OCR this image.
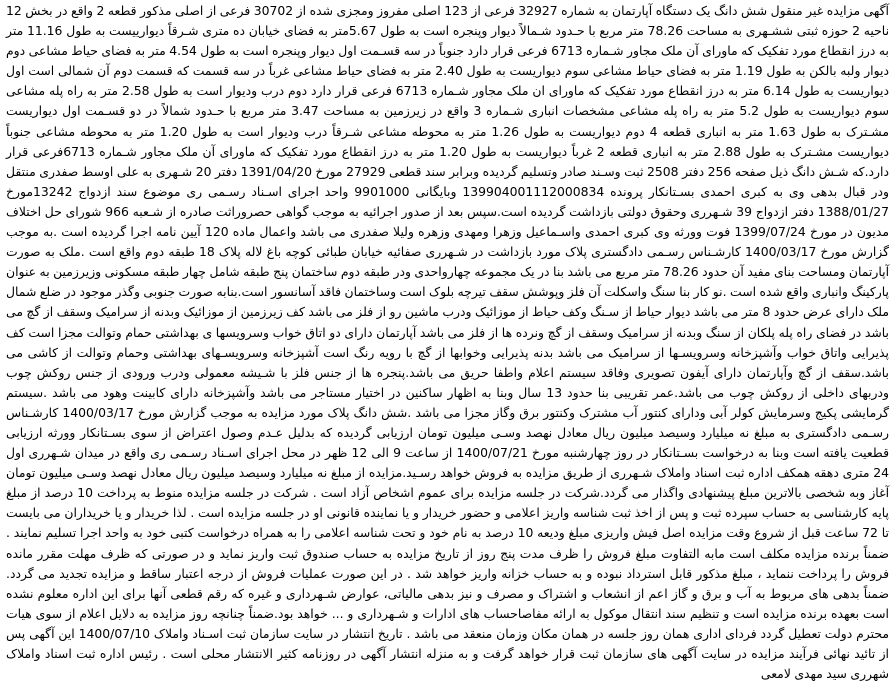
آگهی مزایده غیر منقول شش دانگ یک دستگاه آپارتمان به شماره 32927 فرعی از 123 اصلی مفروز ومجزی شده از 30702 فرعی از اصلی مذکور قطعه 2 واقع در بخش 12 ناحیه 2 حوزه ثبتی ششـهری به مساحت 78.26 متر مربع با حـدود شـمالاً دیوار وپنجره است به طول 5.67متر به فضای خیابان ده متری شـرقاً دیوارییست به طول 11.16 متر به درز انقطاع مورد تفکیک که ماورای آن ملک مجاور شـماره 6713 فرعی قرار دارد جنوباً در سه قسـمت اول دیوار وپنجره است به طول 4.54 متر به فضای حیاط مشاعی دوم دیوار ولبه بالکن به طول 1.19 متر به فضای حیاط مشاعی سوم دیواریست به طول 2.40 متر به فضای حیاط مشاعی غرباً در سه قسمت که قسمت دوم آن شمالی است اول دیواریست به طول 6.14 متر به درز انقطاع مورد تفکیک که ماورای ان ملک مجاور شـماره 6713 فرعی قرار دارد دوم درب ودیوار است به طول 2.58 متر به راه پله مشاعی سوم دیواریست به طول 5.2 متر به راه پله مشاعی مشخصات انباری شـماره 3 واقع در زیرزمین به مساحت 3.47 متر مربع با حـدود شمالاً در دو قسـمت اول دیواریست مشـترک به طول 1.63 متر به انباری قطعه 4 دوم دیواریست به طول 1.26 متر به محوطه مشاعی شـرقاً درب ودیوار است به طول 1.20 متر به محوطه مشاعی جنوباً دیواریست مشـترک به طول 2.88 متر به انباری قطعه 2 غرباً دیواریست به طول 1.20 متر به درز انقطاع مورد تفکیک که ماورای آن ملک مجاور شـماره 6713فرعی قرار دارد.که شـش دانگ ذیل صفحه 256 دفتر 2508 ثبت وسـند صادر وتسلیم گردیده وبرابر سند قطعی 27929 مورخ 1391/04/20 دفتر 20 شـهری به علی اوسط صفدری منتقل ودر قبال بدهی وی به کبری احمدی بسـتانکار پرونده 139904001112000834 وبایگانی 9901000 واحد اجرای اسـناد رسـمی ری موضوع سند ازدواج 13242مورخ 1388/01/27 دفتر ازدواج 39 شـهرری وحقوق دولتی بازداشت گردیده است.سپس بعد از صدور اجرائیه به موجب گواهی حصروراثت صادره از شـعبه 966 شورای حل اختلاف مدیون در مورخ 1399/07/24 فوت وورثه وی کبری احمدی واسـماعیل وزهرا ومهدی وزهره ولیلا صفدری می باشد واعمال ماده 120 آیین نامه اجرا گردیده است .به موجب گزارش مورخ 1400/03/17 کارشـناس رسـمی دادگستری پلاک مورد بازداشت در شـهرری صفائیه خیابان طبائی کوچه باغ لاله پلاک 18 طبقه دوم واقع است .ملک به صورت آپارتمان ومساحت بنای مفید آن حدود 78.26 متر مربع می باشد بنا در یک مجموعه چهارواحدی ودر طبقه دوم ساختمان پنج طبقه شامل چهار طبقه مسکونی وزیرزمین به عنوان پارکینگ وانباری واقع شده است .نو کار بنا سنگ واسکلت آن فلز وپوشش سقف تیرچه بلوک است وساختمان فاقد آسانسور است.بنابه صورت جنوبی وگذر موجود در ضلع شمال ملک دارای عرض حدود 8 متر می باشد دیوار حیاط از سـنگ وکف حیاط از موزائیک ودرب ماشین رو از فلز می باشد کف زیرزمین از موزائیک وبدنه از سرامیک وسقف از گچ می باشد در فضای راه پله پلکان از سنگ وبدنه از سرامیک وسقف از گچ ونرده ها از فلز می باشد آپارتمان دارای دو اتاق خواب وسرویسها ی بهداشتی حمام وتوالت مجزا است کف پذیرایی واتاق خواب وآشپزخانه وسرویسـها از سرامیک می باشد بدنه پذیرایی وخوابها از گچ با رویه رنگ است آشپزخانه وسرویسـهای بهداشتی وحمام وتوالت از کاشی می باشد.سقف از گچ وآپارتمان دارای آیفون تصویری وفاقد سیستم اعلام واطفا حریق می باشد.پنجره ها از جنس فلز با شـیشه معمولی ودرب ورودی از جنس روکش چوب ودربهای داخلی از روکش چوب می باشد.عمر تقریبی بنا حدود 13 سال وبنا به اظهار ساکنین در اختیار مستاجر می باشد وآشپزخانه دارای کابینت وهود می باشد .سیستم گرمایشی پکیج وسرمایش کولر آبی ودارای کنتور آب مشترک وکنتور برق وگاز مجزا می باشد .شش دانگ پلاک مورد مزایده به موجب گزارش مورخ 1400/03/17 کارشـناس رسـمی دادگستری به مبلغ نه میلیارد وسیصد میلیون ریال معادل نهصد وسـی میلیون تومان ارزیابی گردیده که بدلیل عـدم وصول اعتراض از سوی بسـتانکار وورثه ارزیابی قطعیت یافته است وبنا به درخواست بسـتانکار در روز چهارشنبه مورخ 1400/07/21 از ساعت 9 الی 12 ظهر در محل اجرای اسـناد رسـمی ری واقع در میدان شـهرری اول 24 متری دهقه همکف اداره ثبت اسناد واملاک شـهرری از طریق مزایده به فروش خواهد رسـید.مزایده از مبلغ نه میلیارد وسیصد میلیون ریال معادل نهصد وسـی میلیون تومان آغاز وبه شخصی بالاترین مبلغ پیشنهادی واگذار می گردد.شرکت در جلسه مزایده برای عموم اشخاص آزاد است . شرکت در جلسه مزایده منوط به پرداخت 10 درصد از مبلغ پایه کارشناسی به حساب سپرده ثبت و پس از اخذ ثبت شناسه واریز اعلامی و حضور خریدار و یا نماینده قانونی او در جلسه مزایده است . لذا خریدار و یا خریداران می بایست تا 72 ساعت قبل از شروع وقت مزایده اصل فیش واریزی مبلغ ودیعه 10 درصد به نام خود و تحت شناسه اعلامی را به همراه درخواست کتبی خود به واحد اجرا تسلیم نمایند . ضمناً برنده مزایده مکلف است مابه التفاوت مبلغ فروش را ظرف مدت پنج روز از تاریخ مزایده به حساب صندوق ثبت واریز نماید و در صورتی که ظرف مهلت مقرر مانده فروش را پرداخت ننماید ، مبلغ مذکور قابل استرداد نبوده و به حساب خزانه واریز خواهد شد . در این صورت عملیات فروش از درجه اعتبار ساقط و مزایده تجدید می گردد. ضمناً بدهی های مربوط به آب و برق و گاز اعم از انشعاب و اشتراک و مصرف و نیز بدهی مالیاتی، عوارض شـهرداری و غیره که رقم قطعی آنها برای این اداره معلوم نشده است بعهده برنده مزایده است و تنظیم سند انتقال موکول به ارائه مفاصاحساب های ادارات و شـهرداری و ... خواهد بود.ضمناً چنانچه روز مزایده به دلایل اعلام از سوی هیات محترم دولت تعطیل گردد فردای اداری همان روز جلسه در همان مکان وزمان منعقد می باشد . تاریخ انتشار در سایت سازمان ثبت اسـناد واملاک 1400/07/10 این آگهی پس از تائید نهائی فرآیند مزایده در سایت آگهی های سازمان ثبت قرار خواهد گرفت و به منزله انتشار آگهی در روزنامه کثیر الانتشار محلی است . رئیس اداره ثبت اسناد واملاک شهرری سید مهدی لامعی
